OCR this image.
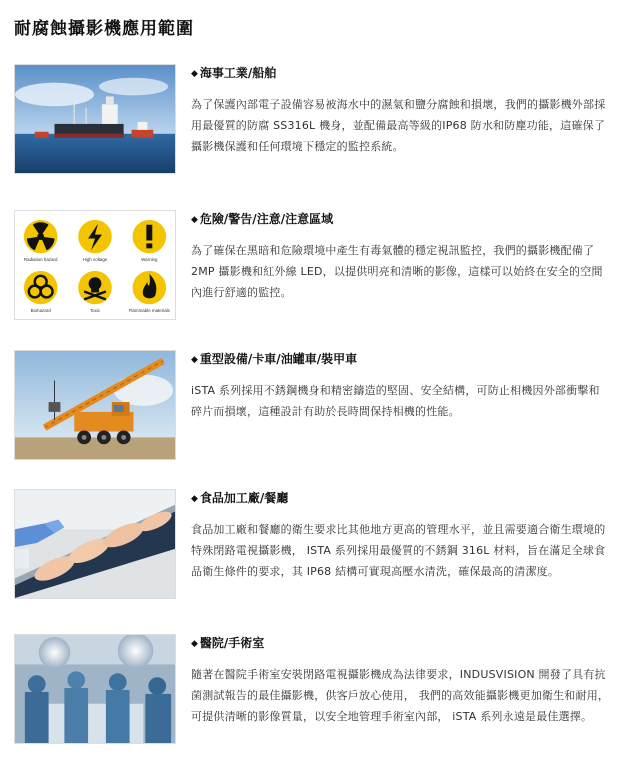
耐腐蝕攝影機應用範圍
◆ 海事工業/船舶

為了保護內部電子設備容易被海水中的濕氣和鹽分腐蝕和損壞，我們的攝影機外部採用最優質的防腐 SS316L 機身，並配備最高等級的IP68 防水和防塵功能，這確保了攝影機保護和任何環境下穩定的監控系統。

Radiation hazard	High voltage	Warning
Biohazard	Toxic	Flammable materials
◆ 危險/警告/注意/注意區域

為了確保在黑暗和危險環境中產生有毒氣體的穩定視訊監控，我們的攝影機配備了 2MP 攝影機和紅外線 LED，以提供明亮和清晰的影像，這樣可以始終在安全的空間內進行舒適的監控。

◆ 重型設備/卡車/油罐車/裝甲車

iSTA 系列採用不銹鋼機身和精密鑄造的堅固、安全結構，可防止相機因外部衝擊和碎片而損壞，這種設計有助於長時間保持相機的性能。

◆ 食品加工廠/餐廳

食品加工廠和餐廳的衛生要求比其他地方更高的管理水平，並且需要適合衛生環境的特殊閉路電視攝影機， ISTA 系列採用最優質的不銹鋼 316L 材料，旨在滿足全球食品衛生條件的要求，其 IP68 結構可實現高壓水清洗，確保最高的清潔度。

◆ 醫院/手術室

隨著在醫院手術室安裝閉路電視攝影機成為法律要求，INDUSVISION 開發了具有抗菌測試報告的最佳攝影機，供客戶放心使用， 我們的高效能攝影機更加衛生和耐用，可提供清晰的影像質量，以安全地管理手術室內部， iSTA 系列永遠是最佳選擇。
